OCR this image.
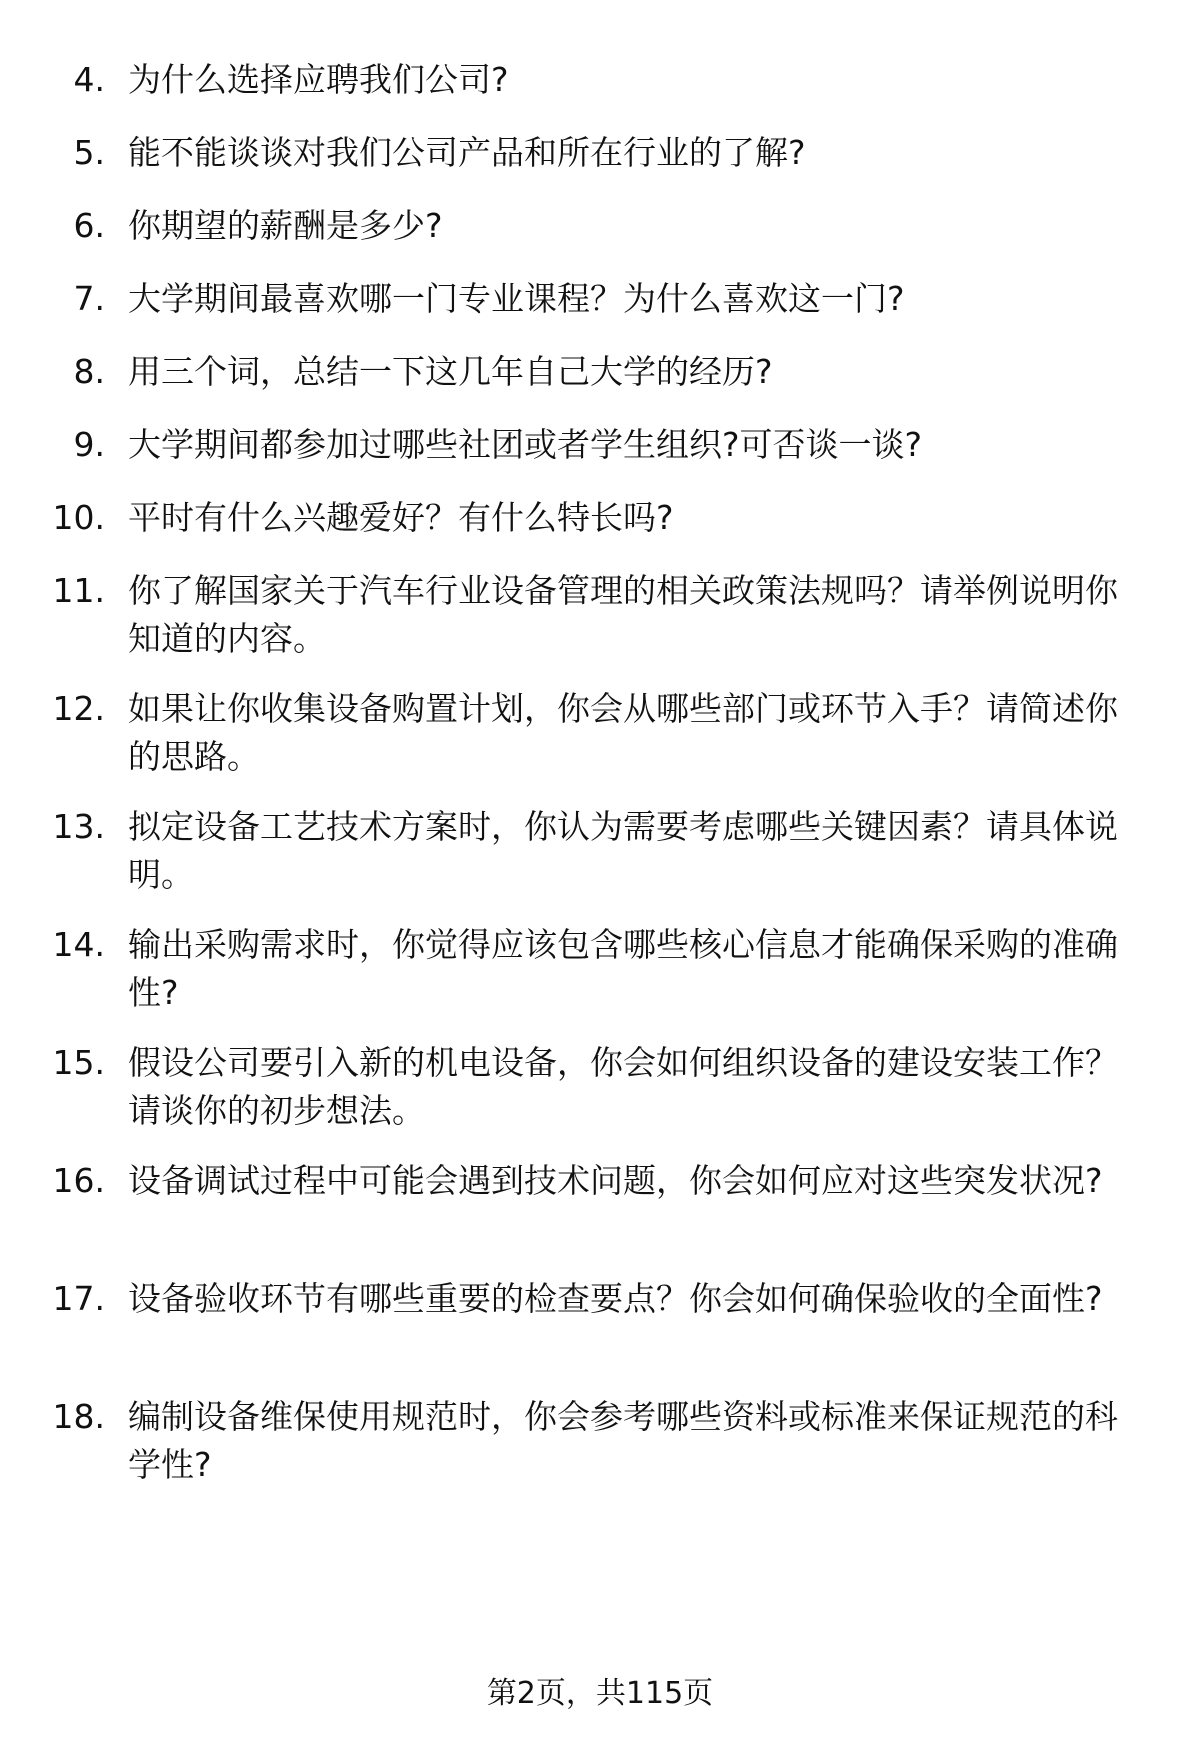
4. 为什么选择应聘我们公司?
5. 能不能谈谈对我们公司产品和所在行业的了解?
6. 你期望的薪酬是多少?
7. 大学期间最喜欢哪一门专业课程？为什么喜欢这一门?
8. 用三个词，总结一下这几年自己大学的经历?
9. 大学期间都参加过哪些社团或者学生组织?可否谈一谈?
10. 平时有什么兴趣爱好？有什么特长吗?
11. 你了解国家关于汽车行业设备管理的相关政策法规吗？请举例说明你知道的内容。
12. 如果让你收集设备购置计划，你会从哪些部门或环节入手？请简述你的思路。
13. 拟定设备工艺技术方案时，你认为需要考虑哪些关键因素？请具体说明。
14. 输出采购需求时，你觉得应该包含哪些核心信息才能确保采购的准确性?
15. 假设公司要引入新的机电设备，你会如何组织设备的建设安装工作？请谈你的初步想法。
16. 设备调试过程中可能会遇到技术问题，你会如何应对这些突发状况?
17. 设备验收环节有哪些重要的检查要点？你会如何确保验收的全面性?
18. 编制设备维保使用规范时，你会参考哪些资料或标准来保证规范的科学性?
第2页，共115页
